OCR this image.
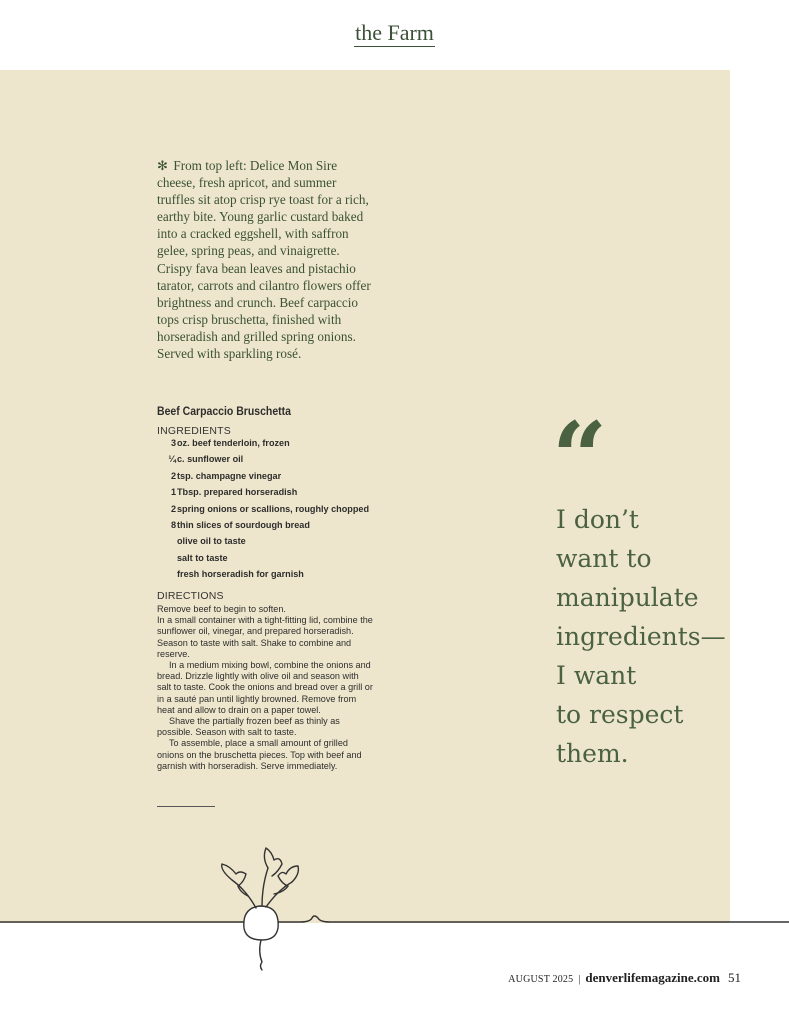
the Farm
✻ From top left: Delice Mon Sire cheese, fresh apricot, and summer truffles sit atop crisp rye toast for a rich, earthy bite. Young garlic custard baked into a cracked eggshell, with saffron gelee, spring peas, and vinaigrette. Crispy fava bean leaves and pistachio tarator, carrots and cilantro flowers offer brightness and crunch. Beef carpaccio tops crisp bruschetta, finished with horseradish and grilled spring onions. Served with sparkling rosé.
Beef Carpaccio Bruschetta
INGREDIENTS
3 oz. beef tenderloin, frozen
¼ c. sunflower oil
2 tsp. champagne vinegar
1 Tbsp. prepared horseradish
2 spring onions or scallions, roughly chopped
8 thin slices of sourdough bread
olive oil to taste
salt to taste
fresh horseradish for garnish
DIRECTIONS

Remove beef to begin to soften.

In a small container with a tight-fitting lid, combine the sunflower oil, vinegar, and prepared horseradish. Season to taste with salt. Shake to combine and reserve.

In a medium mixing bowl, combine the onions and bread. Drizzle lightly with olive oil and season with salt to taste. Cook the onions and bread over a grill or in a sauté pan until lightly browned. Remove from heat and allow to drain on a paper towel.

Shave the partially frozen beef as thinly as possible. Season with salt to taste.

To assemble, place a small amount of grilled onions on the bruschetta pieces. Top with beef and garnish with horseradish. Serve immediately.

“
I don’t
want to
manipulate
ingredients—
I want
to respect
them.
AUGUST 2025 | denverlifemagazine.com 51
